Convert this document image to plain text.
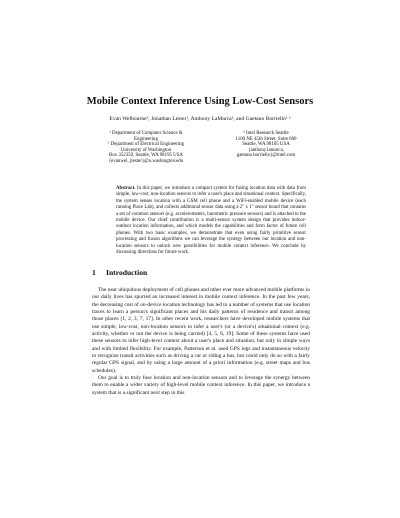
Mobile Context Inference Using Low-Cost Sensors
Evan Welbourne¹, Jonathan Lester¹, Anthony LaMarca², and Gaetano Borriello¹ ²
¹ Department of Computer Science &
Engineering
¹ Department of Electrical Engineering
University of Washington
Box 352350, Seattle, WA 98195 USA
{evanwel, jlester}@u.washington.edu
² Intel Research Seattle
1100 NE 45th Street, Suite 600
Seattle, WA 98105 USA
{anthony.lamarca,
gaetano.borriello}@intel.com
Abstract. In this paper, we introduce a compact system for fusing location data with data from simple, low-cost, non-location sensors to infer a user's place and situational context. Specifically, the system senses location with a GSM cell phone and a WiFi-enabled mobile device (each running Place Lab), and collects additional sensor data using a 2" x 1" sensor board that contains a set of common sensors (e.g. accelerometers, barometric pressure sensors) and is attached to the mobile device. Our chief contribution is a multi-sensor system design that provides indoor-outdoor location information, and which models the capabilities and form factor of future cell phones. With two basic examples, we demonstrate that even using fairly primitive sensor processing and fusion algorithms we can leverage the synergy between our location and non-location sensors to unlock new possibilities for mobile context inference. We conclude by discussing directions for future work.
1 Introduction

The near ubiquitous deployment of cell phones and other ever more advanced mobile platforms in our daily lives has spurred an increased interest in mobile context inference. In the past few years, the decreasing cost of on-device location technology has led to a number of systems that use location traces to learn a person's significant places and his daily patterns of residence and transit among those places [1, 2, 3, 7, 17]. In other recent work, researchers have developed mobile systems that use simple, low-cost, non-location sensors to infer a user's (or a device's) situational context (e.g. activity, whether or not the device is being carried) [4, 5, 6, 19]. Some of these systems have used these sensors to infer high-level context about a user's place and situation, but only in simple ways and with limited flexibility. For example, Patterson et al. used GPS logs and instantaneous velocity to recognize transit activities such as driving a car or riding a bus, but could only do so with a fairly regular GPS signal, and by using a large amount of a priori information (e.g. street maps and bus schedules).

Our goal is to truly fuse location and non-location sensors and to leverage the synergy between them to enable a wider variety of high-level mobile context inference. In this paper, we introduce a system that is a significant next step in this
